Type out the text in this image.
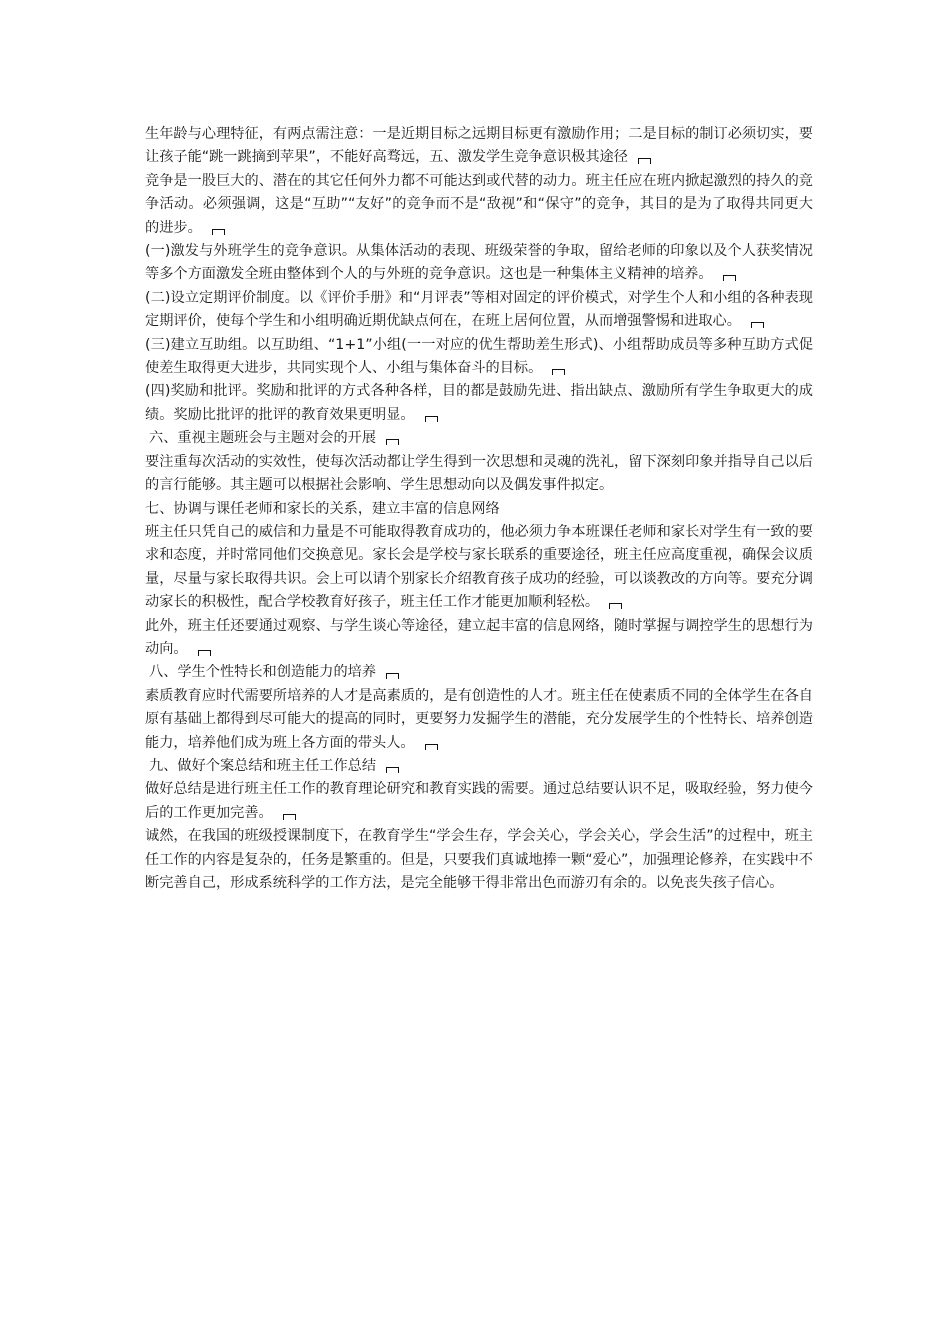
生年龄与心理特征，有两点需注意：一是近期目标之远期目标更有激励作用；二是目标的制订必须切实，要让孩子能“跳一跳摘到苹果”，不能好高骛远，五、激发学生竞争意识极其途径

竞争是一股巨大的、潜在的其它任何外力都不可能达到或代替的动力。班主任应在班内掀起激烈的持久的竞争活动。必须强调，这是“互助”“友好”的竞争而不是“敌视”和“保守”的竞争，其目的是为了取得共同更大的进步。

(一)激发与外班学生的竞争意识。从集体活动的表现、班级荣誉的争取，留给老师的印象以及个人获奖情况等多个方面激发全班由整体到个人的与外班的竞争意识。这也是一种集体主义精神的培养。

(二)设立定期评价制度。以《评价手册》和“月评表”等相对固定的评价模式，对学生个人和小组的各种表现定期评价，使每个学生和小组明确近期优缺点何在，在班上居何位置，从而增强警惕和进取心。

(三)建立互助组。以互助组、“1+1”小组(一一对应的优生帮助差生形式)、小组帮助成员等多种互助方式促使差生取得更大进步，共同实现个人、小组与集体奋斗的目标。

(四)奖励和批评。奖励和批评的方式各种各样，目的都是鼓励先进、指出缺点、激励所有学生争取更大的成绩。奖励比批评的批评的教育效果更明显。

六、重视主题班会与主题对会的开展

要注重每次活动的实效性，使每次活动都让学生得到一次思想和灵魂的洗礼，留下深刻印象并指导自己以后的言行能够。其主题可以根据社会影响、学生思想动向以及偶发事件拟定。

七、协调与课任老师和家长的关系，建立丰富的信息网络

班主任只凭自己的威信和力量是不可能取得教育成功的，他必须力争本班课任老师和家长对学生有一致的要求和态度，并时常同他们交换意见。家长会是学校与家长联系的重要途径，班主任应高度重视，确保会议质量，尽量与家长取得共识。会上可以请个别家长介绍教育孩子成功的经验，可以谈教改的方向等。要充分调动家长的积极性，配合学校教育好孩子，班主任工作才能更加顺利轻松。

此外，班主任还要通过观察、与学生谈心等途径，建立起丰富的信息网络，随时掌握与调控学生的思想行为动向。

八、学生个性特长和创造能力的培养

素质教育应时代需要所培养的人才是高素质的，是有创造性的人才。班主任在使素质不同的全体学生在各自原有基础上都得到尽可能大的提高的同时，更要努力发掘学生的潜能，充分发展学生的个性特长、培养创造能力，培养他们成为班上各方面的带头人。

九、做好个案总结和班主任工作总结

做好总结是进行班主任工作的教育理论研究和教育实践的需要。通过总结要认识不足，吸取经验，努力使今后的工作更加完善。

诚然，在我国的班级授课制度下，在教育学生“学会生存，学会关心，学会关心，学会生活”的过程中，班主任工作的内容是复杂的，任务是繁重的。但是，只要我们真诚地捧一颗“爱心”，加强理论修养，在实践中不断完善自己，形成系统科学的工作方法，是完全能够干得非常出色而游刃有余的。以免丧失孩子信心。
